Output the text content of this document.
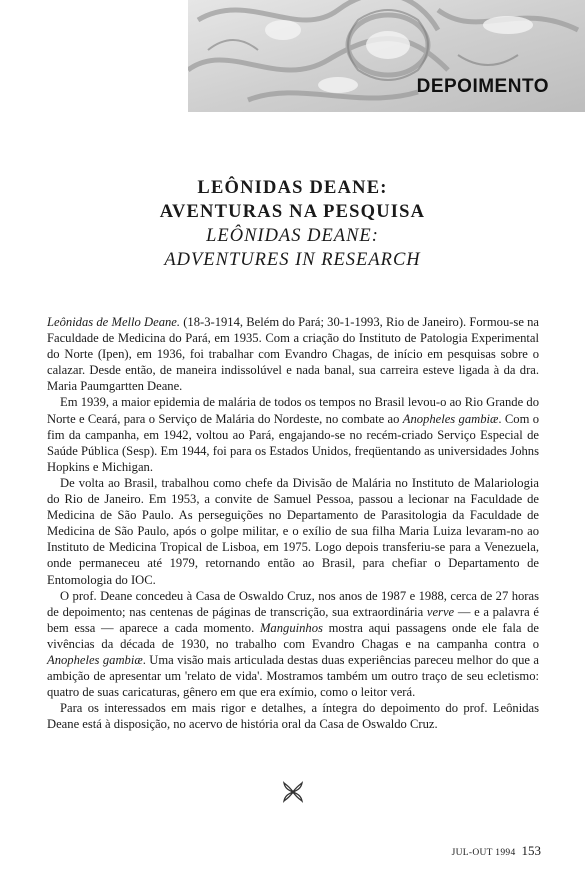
DEPOIMENTO

LEÔNIDAS DEANE:

AVENTURAS NA PESQUISA

LEÔNIDAS DEANE:

ADVENTURES IN RESEARCH

Leônidas de Mello Deane. (18-3-1914, Belém do Pará; 30-1-1993, Rio de Janeiro). Formou-se na Faculdade de Medicina do Pará, em 1935. Com a criação do Instituto de Patologia Experimental do Norte (Ipen), em 1936, foi trabalhar com Evandro Chagas, de início em pesquisas sobre o calazar. Desde então, de maneira indissolúvel e nada banal, sua carreira esteve ligada à da dra. Maria Paumgartten Deane.

Em 1939, a maior epidemia de malária de todos os tempos no Brasil levou-o ao Rio Grande do Norte e Ceará, para o Serviço de Malária do Nordeste, no combate ao Anopheles gambiæ. Com o fim da campanha, em 1942, voltou ao Pará, engajando-se no recém-criado Serviço Especial de Saúde Pública (Sesp). Em 1944, foi para os Estados Unidos, freqüentando as universidades Johns Hopkins e Michigan.

De volta ao Brasil, trabalhou como chefe da Divisão de Malária no Instituto de Malariologia do Rio de Janeiro. Em 1953, a convite de Samuel Pessoa, passou a lecionar na Faculdade de Medicina de São Paulo. As perseguições no Departamento de Parasitologia da Faculdade de Medicina de São Paulo, após o golpe militar, e o exílio de sua filha Maria Luiza levaram-no ao Instituto de Medicina Tropical de Lisboa, em 1975. Logo depois transferiu-se para a Venezuela, onde permaneceu até 1979, retornando então ao Brasil, para chefiar o Departamento de Entomologia do IOC.

O prof. Deane concedeu à Casa de Oswaldo Cruz, nos anos de 1987 e 1988, cerca de 27 horas de depoimento; nas centenas de páginas de transcrição, sua extraordinária verve — e a palavra é bem essa — aparece a cada momento. Manguinhos mostra aqui passagens onde ele fala de vivências da década de 1930, no trabalho com Evandro Chagas e na campanha contra o Anopheles gambiæ. Uma visão mais articulada destas duas experiências pareceu melhor do que a ambição de apresentar um 'relato de vida'. Mostramos também um outro traço de seu ecletismo: quatro de suas caricaturas, gênero em que era exímio, como o leitor verá.

Para os interessados em mais rigor e detalhes, a íntegra do depoimento do prof. Leônidas Deane está à disposição, no acervo de história oral da Casa de Oswaldo Cruz.

JUL-OUT 1994 153
